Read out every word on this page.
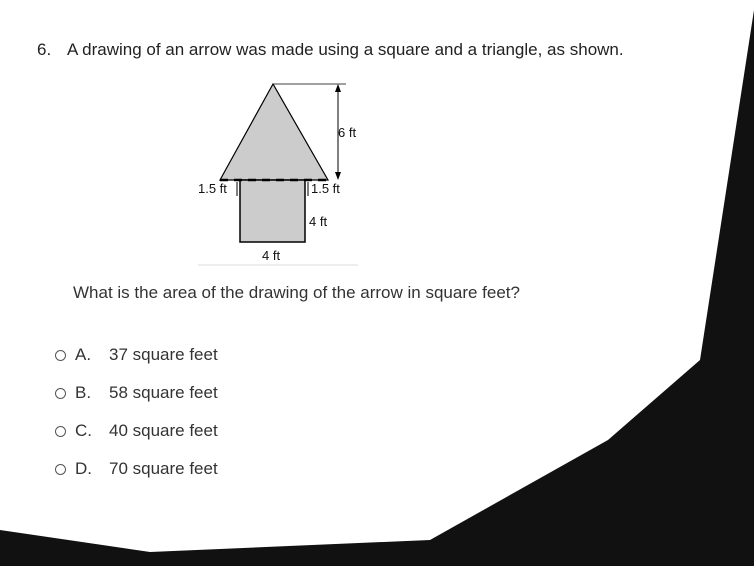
6. A drawing of an arrow was made using a square and a triangle, as shown.
6 ft
1.5 ft	1.5 ft
4 ft
4 ft
What is the area of the drawing of the arrow in square feet?
A.	37 square feet
B.	58 square feet
C.	40 square feet
D.	70 square feet
